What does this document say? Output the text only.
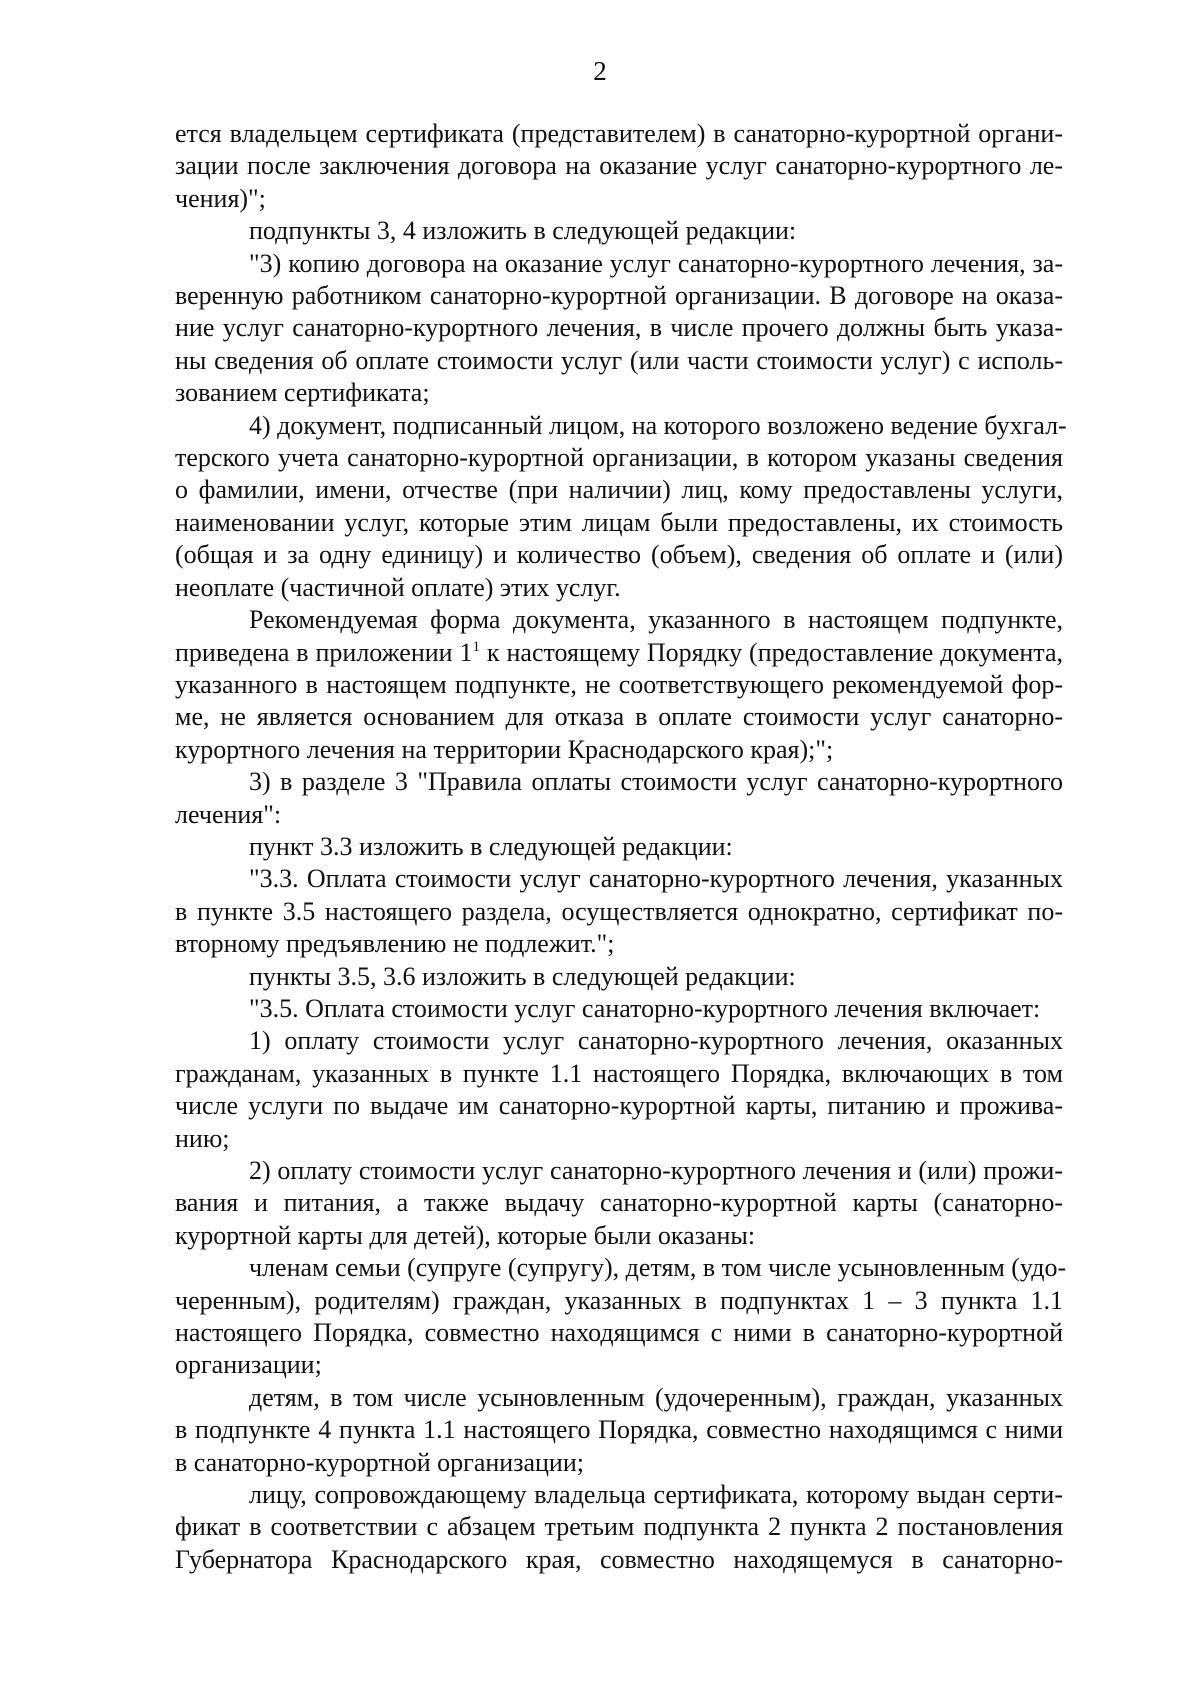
2
ется владельцем сертификата (представителем) в санаторно-курортной органи-
зации после заключения договора на оказание услуг санаторно-курортного ле-
чения)";
подпункты 3, 4 изложить в следующей редакции:
"3) копию договора на оказание услуг санаторно-курортного лечения, за-
веренную работником санаторно-курортной организации. В договоре на оказа-
ние услуг санаторно-курортного лечения, в числе прочего должны быть указа-
ны сведения об оплате стоимости услуг (или части стоимости услуг) с исполь-
зованием сертификата;
4) документ, подписанный лицом, на которого возложено ведение бухгал-
терского учета санаторно-курортной организации, в котором указаны сведения
о фамилии, имени, отчестве (при наличии) лиц, кому предоставлены услуги,
наименовании услуг, которые этим лицам были предоставлены, их стоимость
(общая и за одну единицу) и количество (объем), сведения об оплате и (или)
неоплате (частичной оплате) этих услуг.
Рекомендуемая форма документа, указанного в настоящем подпункте,
приведена в приложении $1^1$ к настоящему Порядку (предоставление документа,
указанного в настоящем подпункте, не соответствующего рекомендуемой фор-
ме, не является основанием для отказа в оплате стоимости услуг санаторно-
курортного лечения на территории Краснодарского края);";
3) в разделе 3 "Правила оплаты стоимости услуг санаторно-курортного
лечения":
пункт 3.3 изложить в следующей редакции:
"3.3. Оплата стоимости услуг санаторно-курортного лечения, указанных
в пункте 3.5 настоящего раздела, осуществляется однократно, сертификат по-
вторному предъявлению не подлежит.";
пункты 3.5, 3.6 изложить в следующей редакции:
"3.5. Оплата стоимости услуг санаторно-курортного лечения включает:
1) оплату стоимости услуг санаторно-курортного лечения, оказанных
гражданам, указанных в пункте 1.1 настоящего Порядка, включающих в том
числе услуги по выдаче им санаторно-курортной карты, питанию и прожива-
нию;
2) оплату стоимости услуг санаторно-курортного лечения и (или) прожи-
вания и питания, а также выдачу санаторно-курортной карты (санаторно-
курортной карты для детей), которые были оказаны:
членам семьи (супруге (супругу), детям, в том числе усыновленным (удо-
черенным), родителям) граждан, указанных в подпунктах 1 – 3 пункта 1.1
настоящего Порядка, совместно находящимся с ними в санаторно-курортной
организации;
детям, в том числе усыновленным (удочеренным), граждан, указанных
в подпункте 4 пункта 1.1 настоящего Порядка, совместно находящимся с ними
в санаторно-курортной организации;
лицу, сопровождающему владельца сертификата, которому выдан серти-
фикат в соответствии с абзацем третьим подпункта 2 пункта 2 постановления
Губернатора Краснодарского края, совместно находящемуся в санаторно-
